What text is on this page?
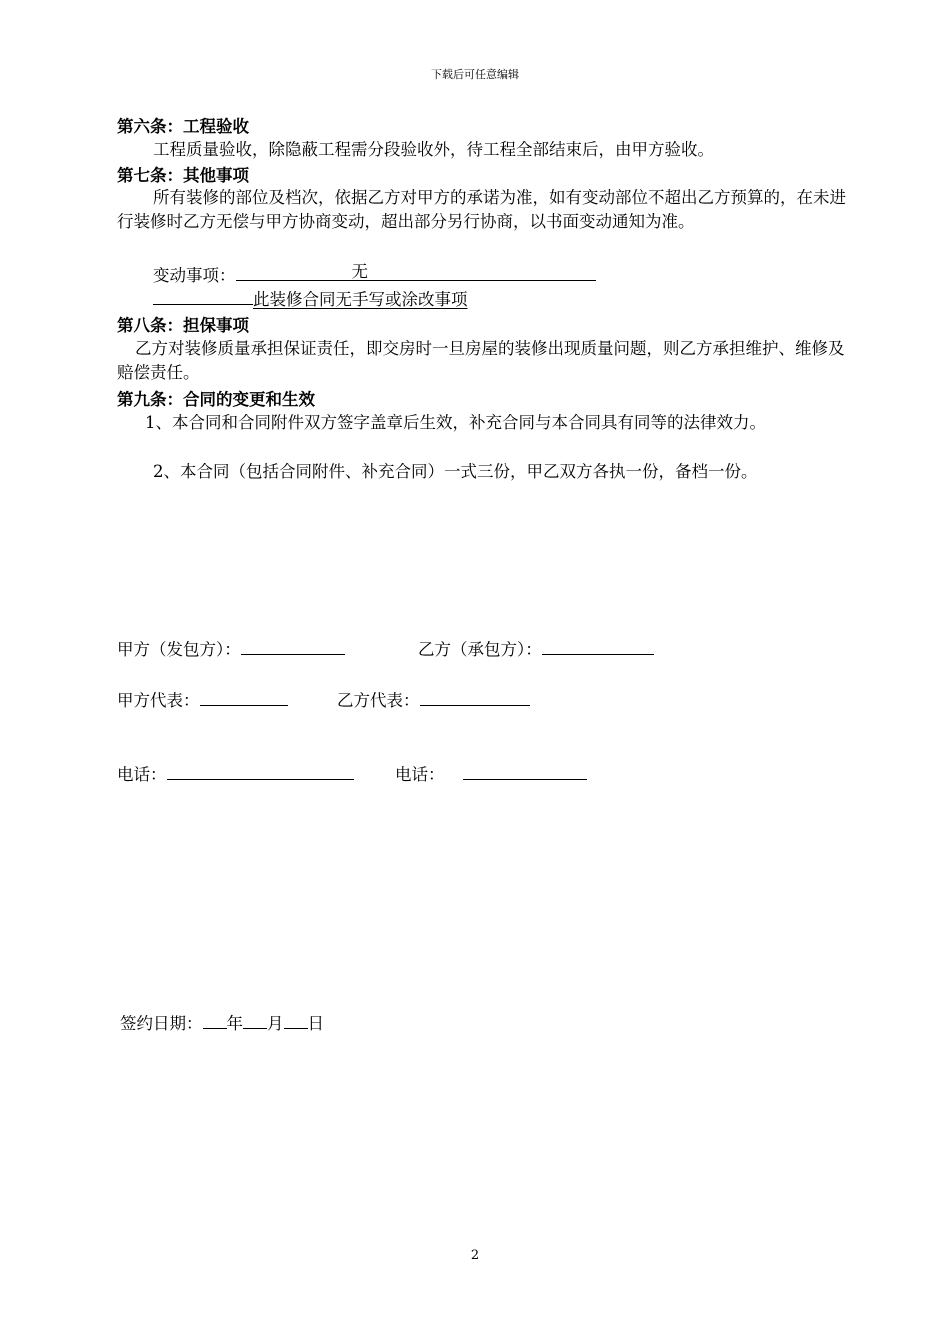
下载后可任意编辑
第六条：工程验收
工程质量验收，除隐蔽工程需分段验收外，待工程全部结束后，由甲方验收。
第七条：其他事项
所有装修的部位及档次，依据乙方对甲方的承诺为准，如有变动部位不超出乙方预算的，在未进行装修时乙方无偿与甲方协商变动，超出部分另行协商，以书面变动通知为准。
变动事项：	无
此装修合同无手写或涂改事项
第八条：担保事项
乙方对装修质量承担保证责任，即交房时一旦房屋的装修出现质量问题，则乙方承担维护、维修及赔偿责任。
第九条：合同的变更和生效
1、本合同和合同附件双方签字盖章后生效，补充合同与本合同具有同等的法律效力。
2、本合同（包括合同附件、补充合同）一式三份，甲乙双方各执一份，备档一份。
甲方（发包方）：	乙方（承包方）：
甲方代表：	乙方代表：
电话：	电话：
签约日期： 年 月 日
2
